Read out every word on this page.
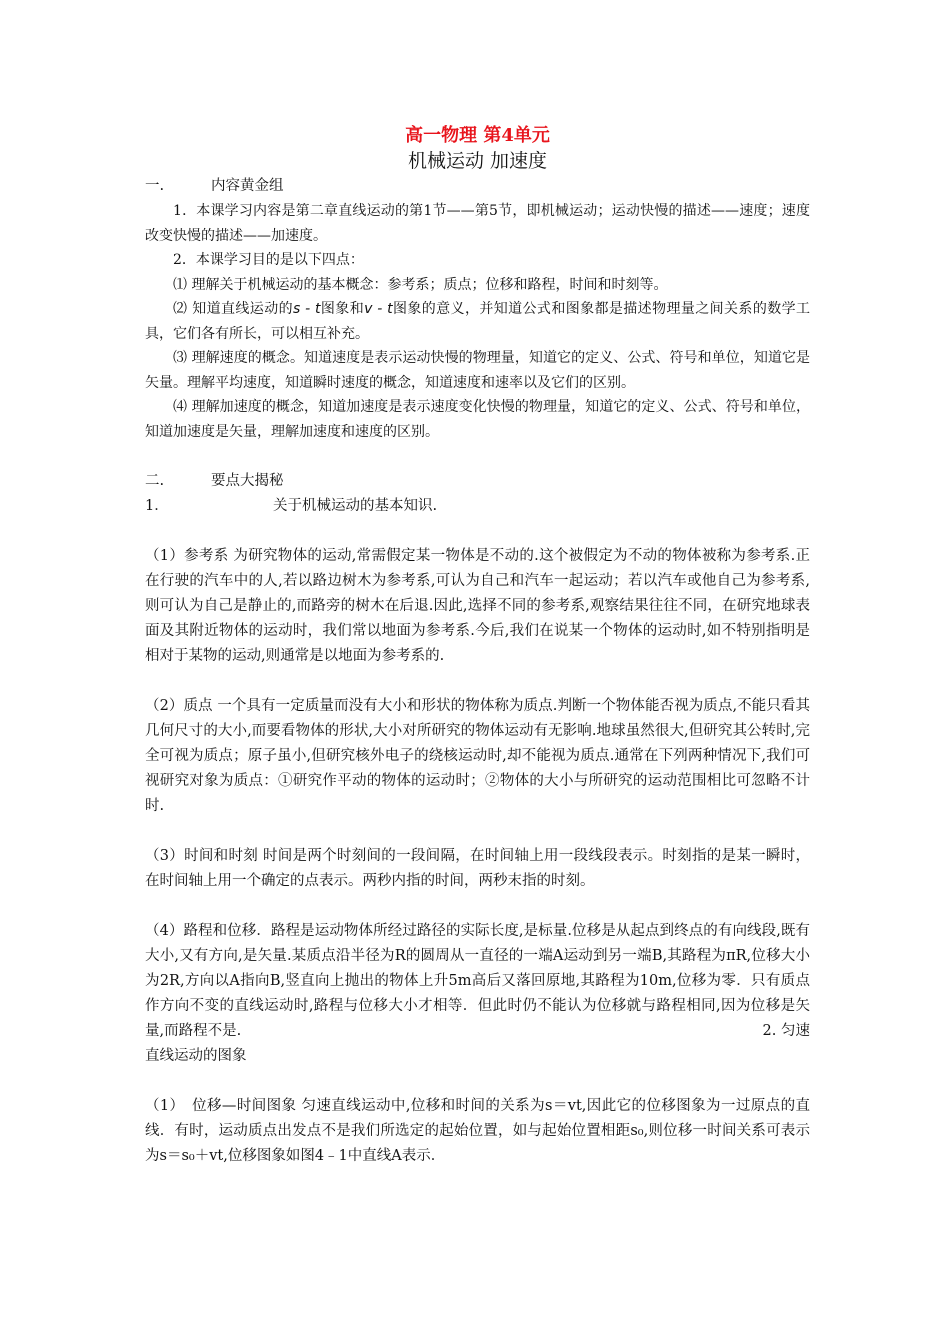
高一物理 第4单元
机械运动 加速度

一.	内容黄金组

1．本课学习内容是第二章直线运动的第1节——第5节，即机械运动；运动快慢的描述——速度；速度改变快慢的描述——加速度。

2．本课学习目的是以下四点：

⑴ 理解关于机械运动的基本概念：参考系；质点；位移和路程，时间和时刻等。

⑵ 知道直线运动的s - t图象和v - t图象的意义，并知道公式和图象都是描述物理量之间关系的数学工具，它们各有所长，可以相互补充。

⑶ 理解速度的概念。知道速度是表示运动快慢的物理量，知道它的定义、公式、符号和单位，知道它是矢量。理解平均速度，知道瞬时速度的概念，知道速度和速率以及它们的区别。

⑷ 理解加速度的概念，知道加速度是表示速度变化快慢的物理量，知道它的定义、公式、符号和单位，知道加速度是矢量，理解加速度和速度的区别。

二.	要点大揭秘

1．	关于机械运动的基本知识.

（1）参考系 为研究物体的运动,常需假定某一物体是不动的.这个被假定为不动的物体被称为参考系.正在行驶的汽车中的人,若以路边树木为参考系,可认为自己和汽车一起运动；若以汽车或他自己为参考系,则可认为自己是静止的,而路旁的树木在后退.因此,选择不同的参考系,观察结果往往不同，在研究地球表面及其附近物体的运动时，我们常以地面为参考系.今后,我们在说某一个物体的运动时,如不特别指明是相对于某物的运动,则通常是以地面为参考系的.

（2）质点 一个具有一定质量而没有大小和形状的物体称为质点.判断一个物体能否视为质点,不能只看其几何尺寸的大小,而要看物体的形状,大小对所研究的物体运动有无影响.地球虽然很大,但研究其公转时,完全可视为质点；原子虽小,但研究核外电子的绕核运动时,却不能视为质点.通常在下列两种情况下,我们可视研究对象为质点：①研究作平动的物体的运动时；②物体的大小与所研究的运动范围相比可忽略不计时.

（3）时间和时刻 时间是两个时刻间的一段间隔，在时间轴上用一段线段表示。时刻指的是某一瞬时，在时间轴上用一个确定的点表示。两秒内指的时间，两秒末指的时刻。

（4）路程和位移．路程是运动物体所经过路径的实际长度,是标量.位移是从起点到终点的有向线段,既有大小,又有方向,是矢量.某质点沿半径为R的圆周从一直径的一端A运动到另一端B,其路程为πR,位移大小为2R,方向以A指向B,竖直向上抛出的物体上升5m高后又落回原地,其路程为10m,位移为零．只有质点作方向不变的直线运动时,路程与位移大小才相等．但此时仍不能认为位移就与路程相同,因为位移是矢量,而路程不是.	2. 匀速

直线运动的图象

（1）　位移—时间图象 匀速直线运动中,位移和时间的关系为s＝vt,因此它的位移图象为一过原点的直线．有时，运动质点出发点不是我们所选定的起始位置，如与起始位置相距s₀,则位移一时间关系可表示为s＝s₀＋vt,位移图象如图4﹣1中直线A表示．
